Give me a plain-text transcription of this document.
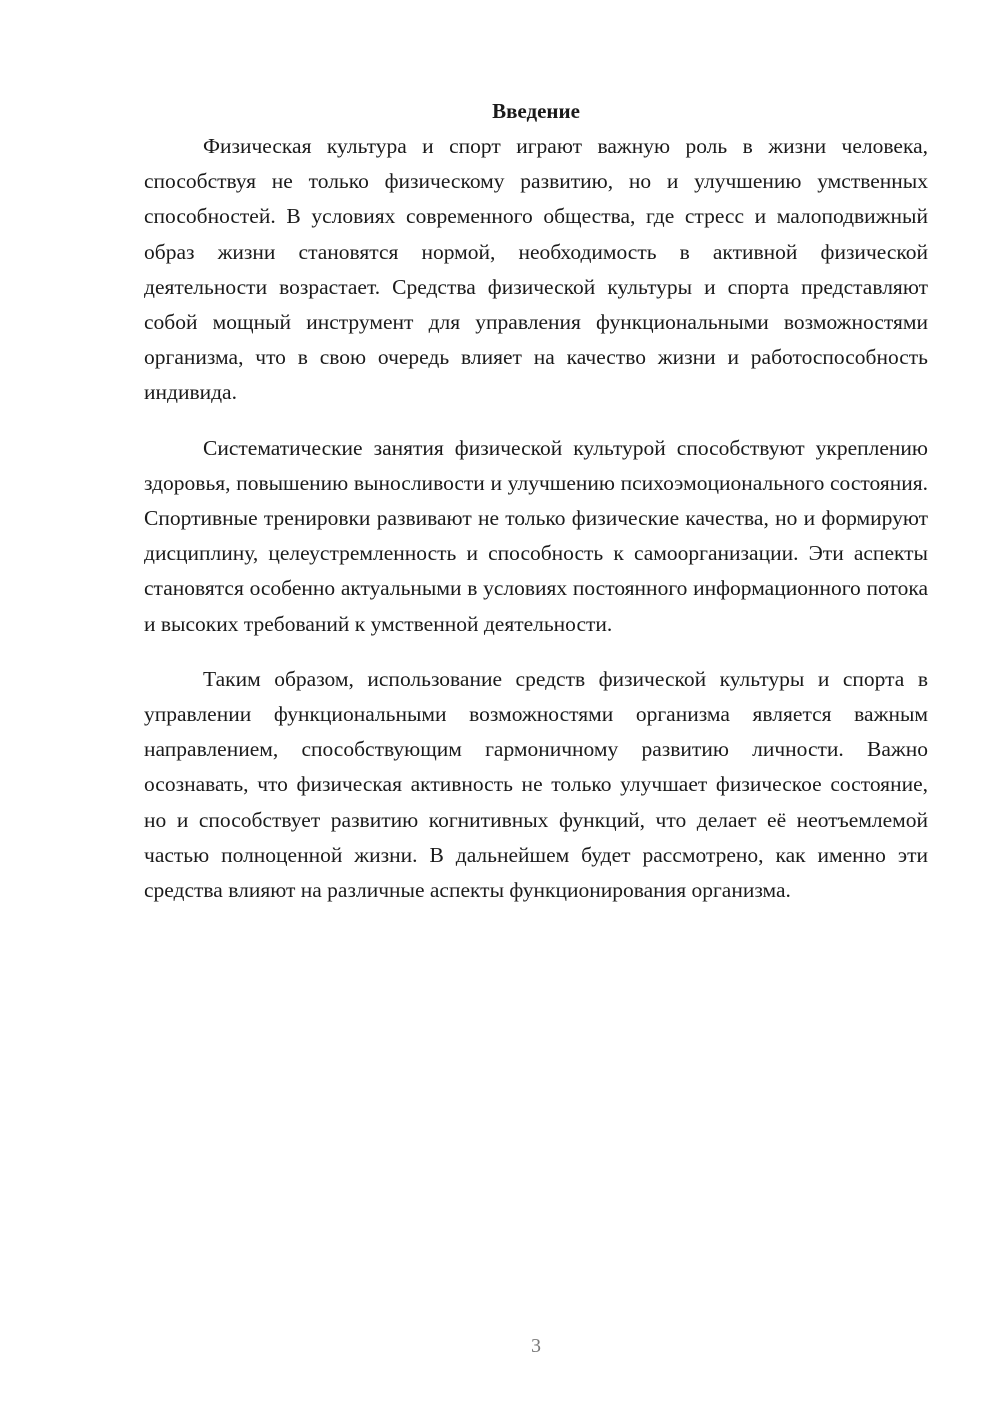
Введение

Физическая культура и спорт играют важную роль в жизни человека, способствуя не только физическому развитию, но и улучшению умственных способностей. В условиях современного общества, где стресс и малоподвижный образ жизни становятся нормой, необходимость в активной физической деятельности возрастает. Средства физической культуры и спорта представляют собой мощный инструмент для управления функциональными возможностями организма, что в свою очередь влияет на качество жизни и работоспособность индивида.

Систематические занятия физической культурой способствуют укреплению здоровья, повышению выносливости и улучшению психоэмоционального состояния. Спортивные тренировки развивают не только физические качества, но и формируют дисциплину, целеустремленность и способность к самоорганизации. Эти аспекты становятся особенно актуальными в условиях постоянного информационного потока и высоких требований к умственной деятельности.

Таким образом, использование средств физической культуры и спорта в управлении функциональными возможностями организма является важным направлением, способствующим гармоничному развитию личности. Важно осознавать, что физическая активность не только улучшает физическое состояние, но и способствует развитию когнитивных функций, что делает её неотъемлемой частью полноценной жизни. В дальнейшем будет рассмотрено, как именно эти средства влияют на различные аспекты функционирования организма.

3
